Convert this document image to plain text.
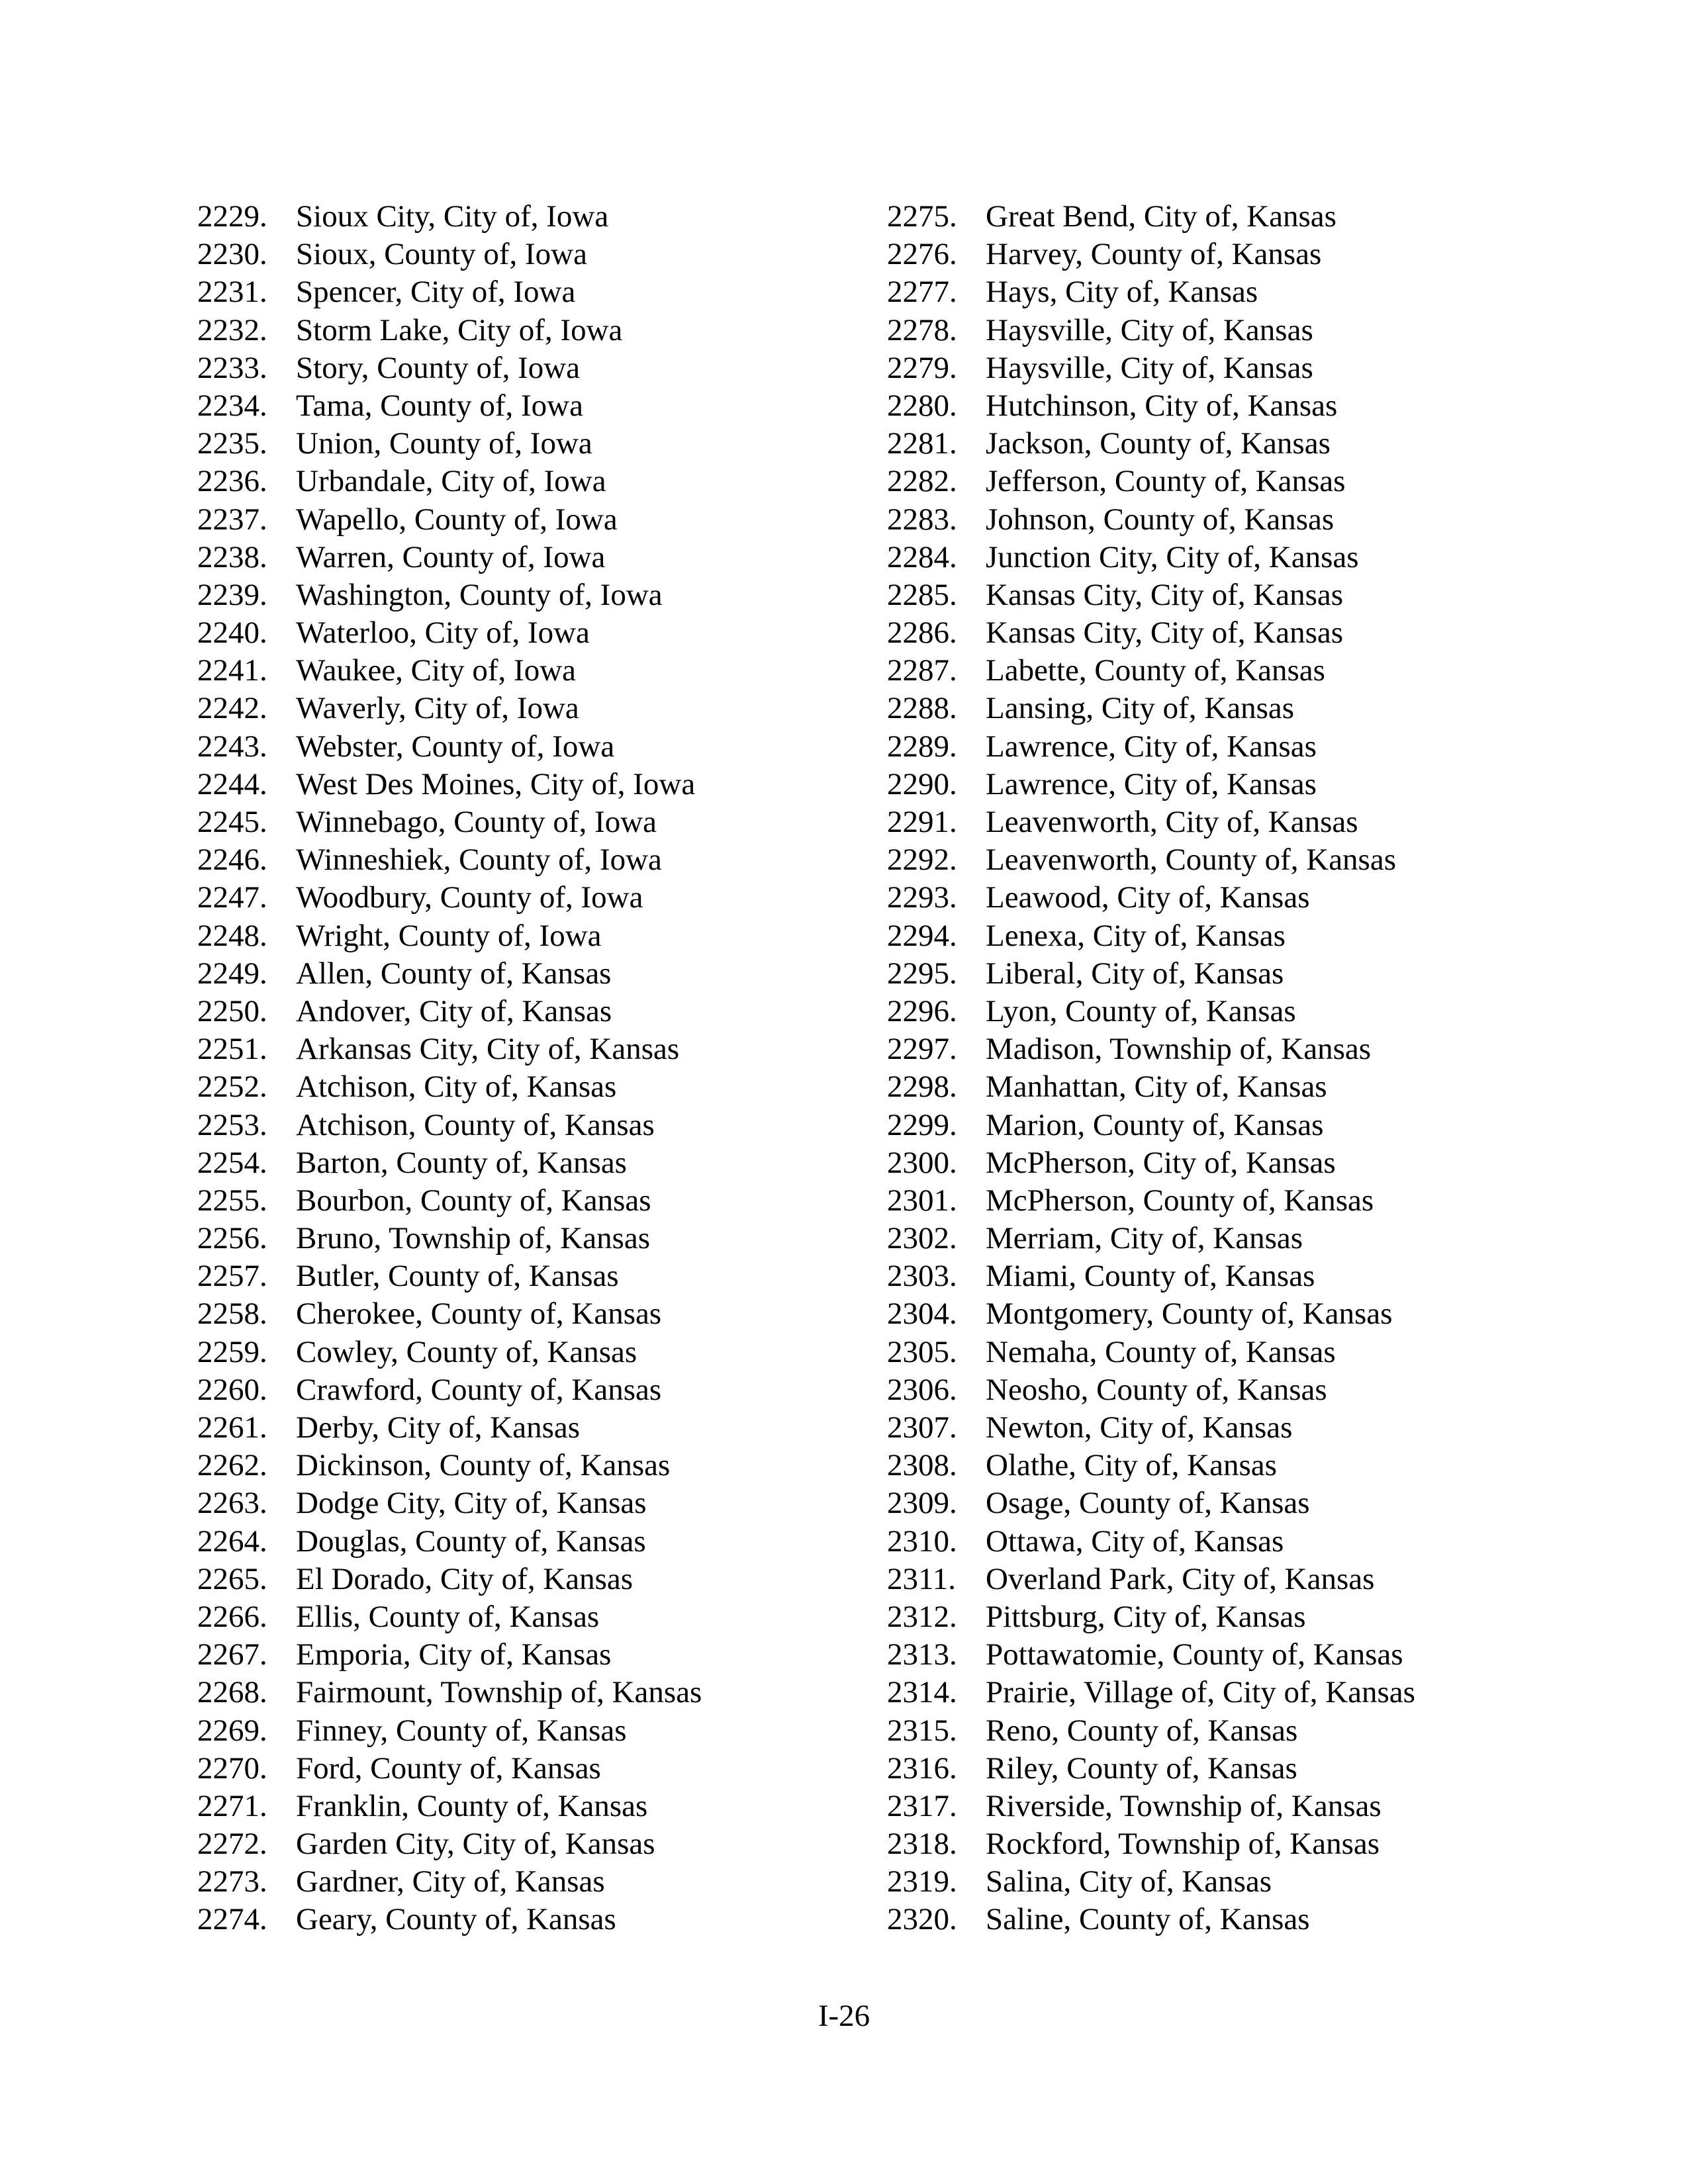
2229. Sioux City, City of, Iowa
2230. Sioux, County of, Iowa
2231. Spencer, City of, Iowa
2232. Storm Lake, City of, Iowa
2233. Story, County of, Iowa
2234. Tama, County of, Iowa
2235. Union, County of, Iowa
2236. Urbandale, City of, Iowa
2237. Wapello, County of, Iowa
2238. Warren, County of, Iowa
2239. Washington, County of, Iowa
2240. Waterloo, City of, Iowa
2241. Waukee, City of, Iowa
2242. Waverly, City of, Iowa
2243. Webster, County of, Iowa
2244. West Des Moines, City of, Iowa
2245. Winnebago, County of, Iowa
2246. Winneshiek, County of, Iowa
2247. Woodbury, County of, Iowa
2248. Wright, County of, Iowa
2249. Allen, County of, Kansas
2250. Andover, City of, Kansas
2251. Arkansas City, City of, Kansas
2252. Atchison, City of, Kansas
2253. Atchison, County of, Kansas
2254. Barton, County of, Kansas
2255. Bourbon, County of, Kansas
2256. Bruno, Township of, Kansas
2257. Butler, County of, Kansas
2258. Cherokee, County of, Kansas
2259. Cowley, County of, Kansas
2260. Crawford, County of, Kansas
2261. Derby, City of, Kansas
2262. Dickinson, County of, Kansas
2263. Dodge City, City of, Kansas
2264. Douglas, County of, Kansas
2265. El Dorado, City of, Kansas
2266. Ellis, County of, Kansas
2267. Emporia, City of, Kansas
2268. Fairmount, Township of, Kansas
2269. Finney, County of, Kansas
2270. Ford, County of, Kansas
2271. Franklin, County of, Kansas
2272. Garden City, City of, Kansas
2273. Gardner, City of, Kansas
2274. Geary, County of, Kansas
2275. Great Bend, City of, Kansas
2276. Harvey, County of, Kansas
2277. Hays, City of, Kansas
2278. Haysville, City of, Kansas
2279. Haysville, City of, Kansas
2280. Hutchinson, City of, Kansas
2281. Jackson, County of, Kansas
2282. Jefferson, County of, Kansas
2283. Johnson, County of, Kansas
2284. Junction City, City of, Kansas
2285. Kansas City, City of, Kansas
2286. Kansas City, City of, Kansas
2287. Labette, County of, Kansas
2288. Lansing, City of, Kansas
2289. Lawrence, City of, Kansas
2290. Lawrence, City of, Kansas
2291. Leavenworth, City of, Kansas
2292. Leavenworth, County of, Kansas
2293. Leawood, City of, Kansas
2294. Lenexa, City of, Kansas
2295. Liberal, City of, Kansas
2296. Lyon, County of, Kansas
2297. Madison, Township of, Kansas
2298. Manhattan, City of, Kansas
2299. Marion, County of, Kansas
2300. McPherson, City of, Kansas
2301. McPherson, County of, Kansas
2302. Merriam, City of, Kansas
2303. Miami, County of, Kansas
2304. Montgomery, County of, Kansas
2305. Nemaha, County of, Kansas
2306. Neosho, County of, Kansas
2307. Newton, City of, Kansas
2308. Olathe, City of, Kansas
2309. Osage, County of, Kansas
2310. Ottawa, City of, Kansas
2311. Overland Park, City of, Kansas
2312. Pittsburg, City of, Kansas
2313. Pottawatomie, County of, Kansas
2314. Prairie, Village of, City of, Kansas
2315. Reno, County of, Kansas
2316. Riley, County of, Kansas
2317. Riverside, Township of, Kansas
2318. Rockford, Township of, Kansas
2319. Salina, City of, Kansas
2320. Saline, County of, Kansas
I-26
